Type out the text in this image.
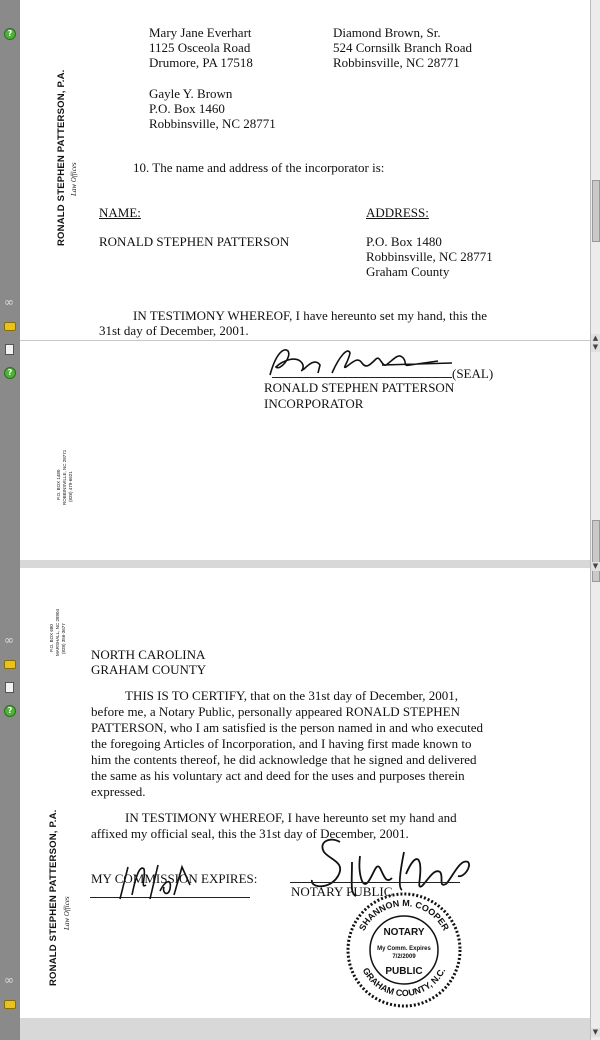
?
∞
?
∞
?
∞
▲
▼
▼
▼
Mary Jane Everhart
1125 Osceola Road
Drumore, PA 17518
Diamond Brown, Sr.
524 Cornsilk Branch Road
Robbinsville, NC 28771
Gayle Y. Brown
P.O. Box 1460
Robbinsville, NC 28771
10. The name and address of the incorporator is:
NAME:	ADDRESS:
RONALD STEPHEN PATTERSON	P.O. Box 1480
Robbinsville, NC 28771
Graham County
IN TESTIMONY WHEREOF, I have hereunto set my hand, this the
31st day of December, 2001.
(SEAL)
RONALD STEPHEN PATTERSON
INCORPORATOR
RONALD STEPHEN PATTERSON, P.A. Law Offices
P.O. BOX 1480 ROBBINSVILLE, NC 28771 (828) 479-6621
P.O. BOX 680 MARSHALL, NC 28904 (828) 356-3677
NORTH CAROLINA
GRAHAM COUNTY
THIS IS TO CERTIFY, that on the 31st day of December, 2001,
before me, a Notary Public, personally appeared RONALD STEPHEN
PATTERSON, who I am satisfied is the person named in and who executed
the foregoing Articles of Incorporation, and I having first made known to
him the contents thereof, he did acknowledge that he signed and delivered
the same as his voluntary act and deed for the uses and purposes therein
expressed.
IN TESTIMONY WHEREOF, I have hereunto set my hand and
affixed my official seal, this the 31st day of December, 2001.
MY COMMISSION EXPIRES:
NOTARY PUBLIC
SHANNON M. COOPER
GRAHAM COUNTY, N.C.
NOTARY
My Comm. Expires
7/2/2009
PUBLIC
RONALD STEPHEN PATTERSON, P.A. Law Offices
